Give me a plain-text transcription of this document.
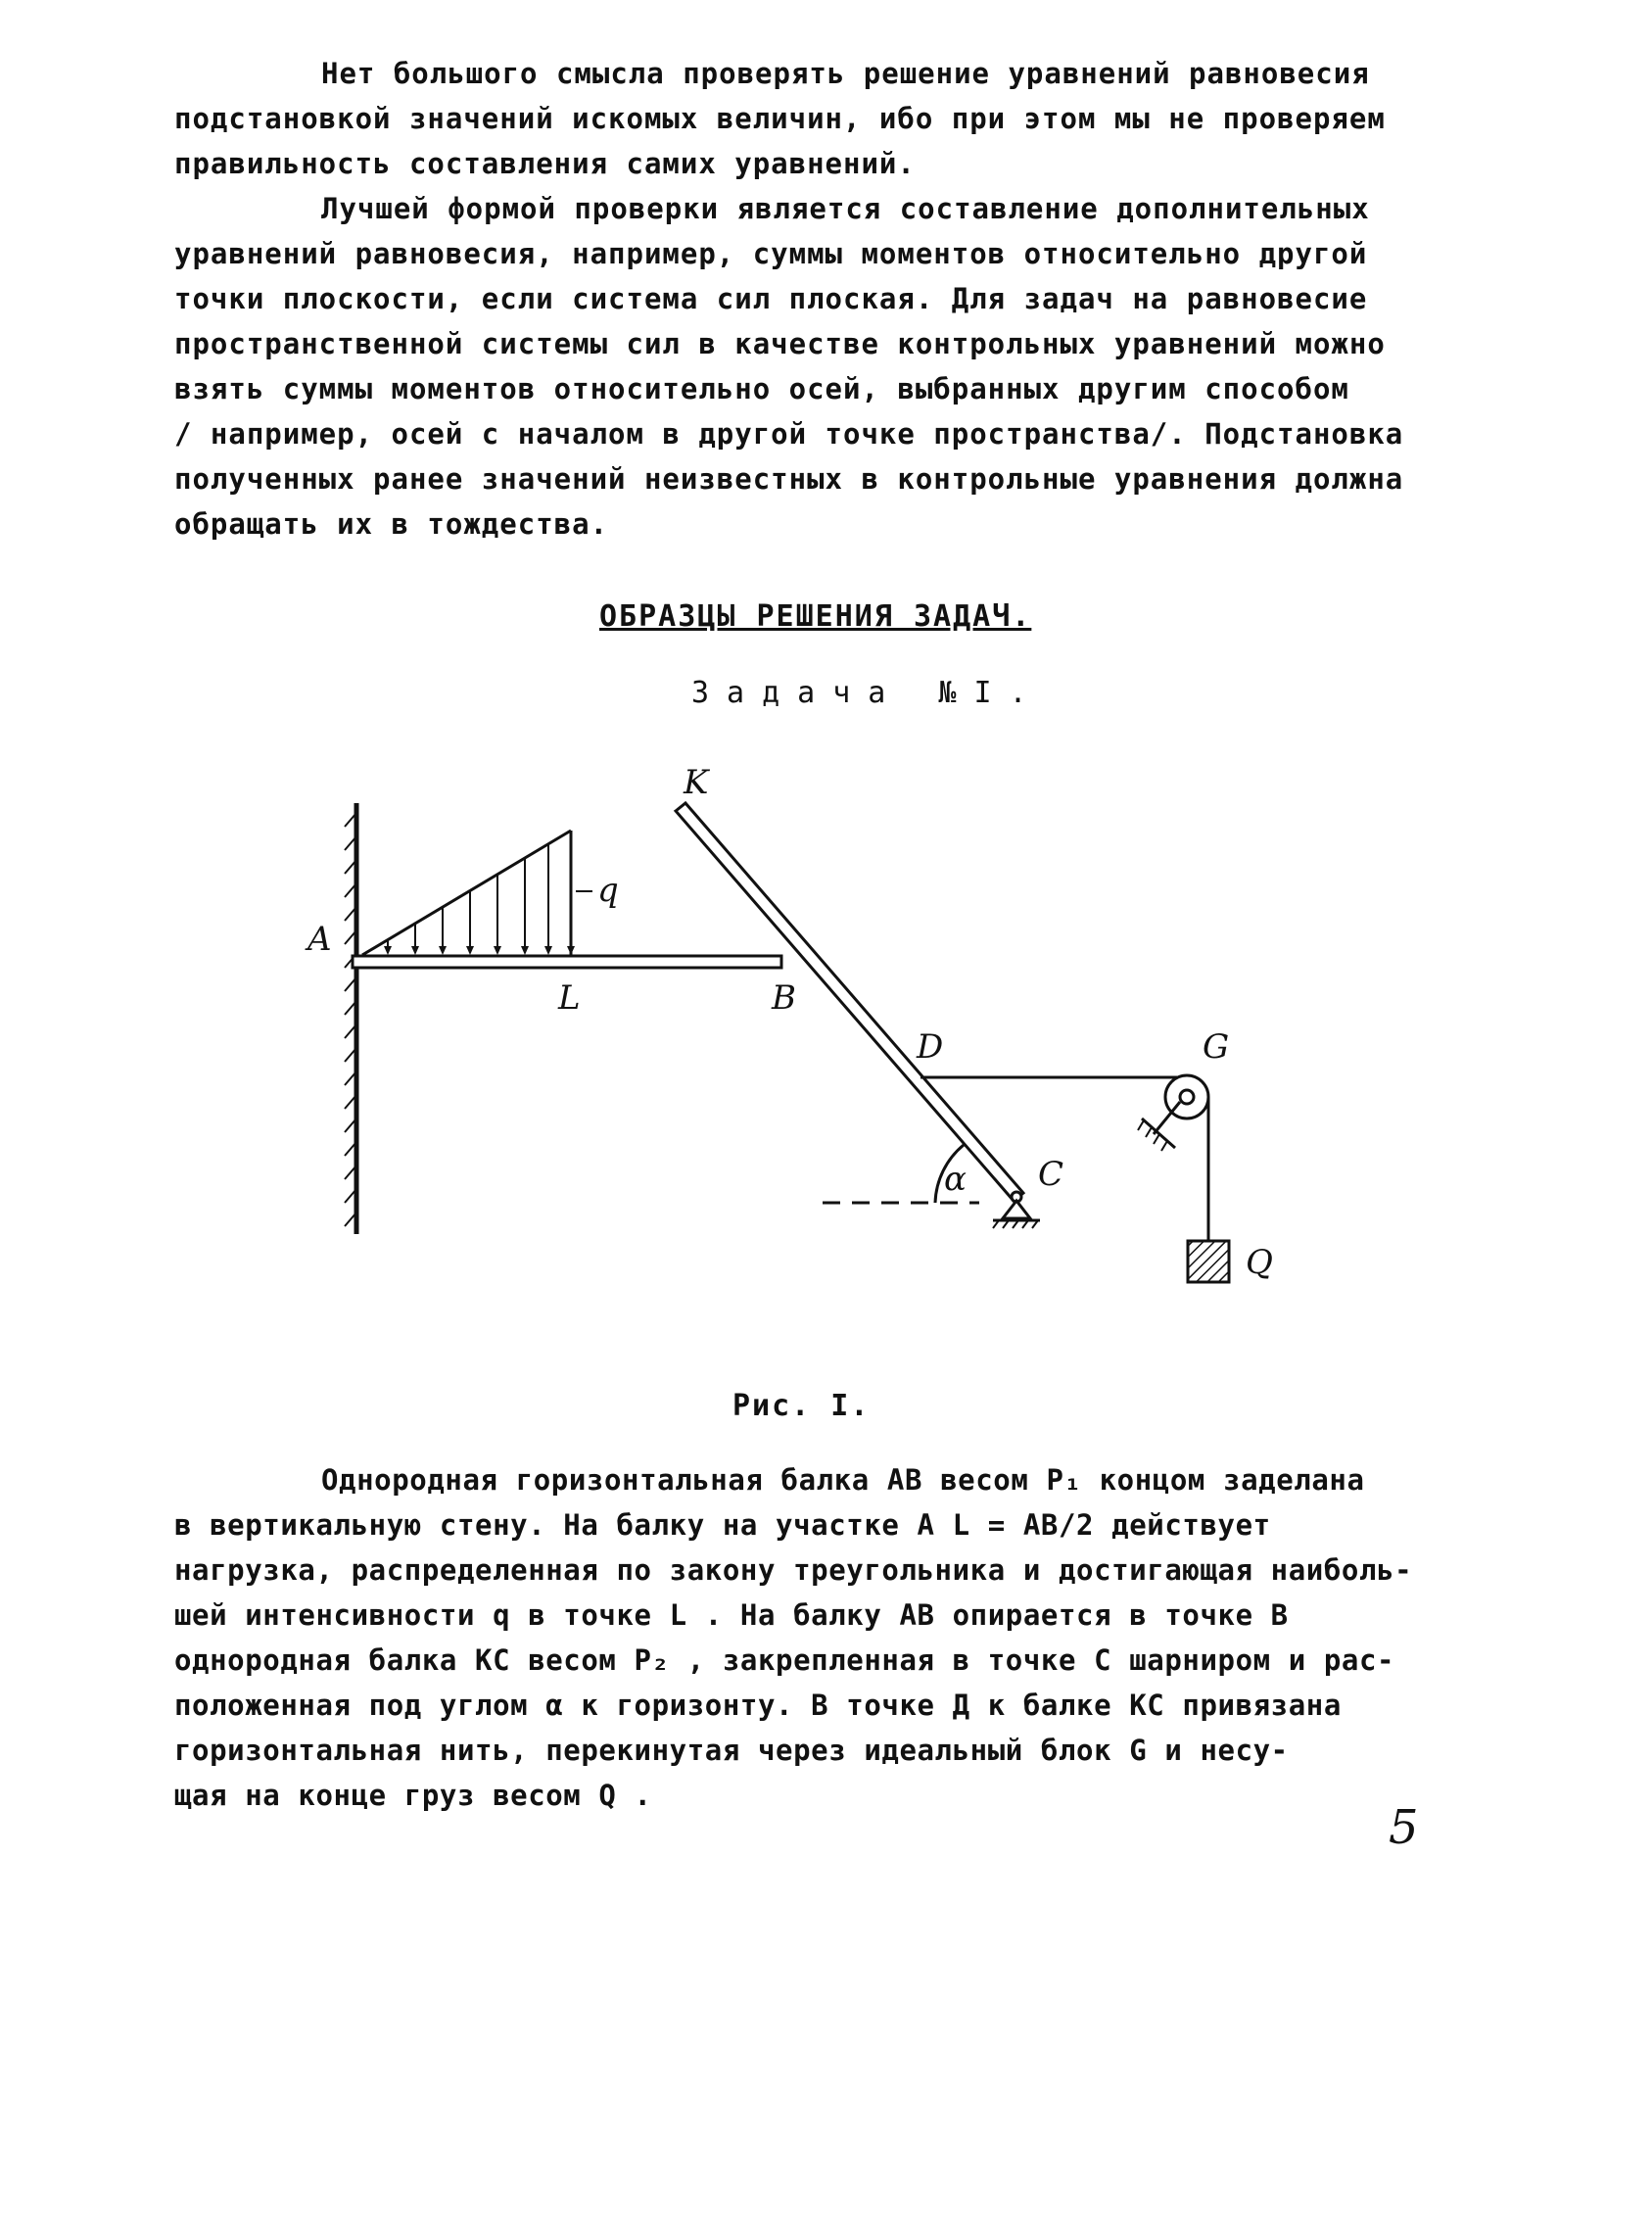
Нет большого смысла проверять решение уравнений равновесия
подстановкой значений искомых величин, ибо при этом мы не проверяем
правильность составления самих уравнений.
Лучшей формой проверки является составление дополнительных
уравнений равновесия, например, суммы моментов относительно другой
точки плоскости, если система сил плоская. Для задач на равновесие
пространственной системы сил в качестве контрольных уравнений можно
взять суммы моментов относительно осей, выбранных другим способом
/ например, осей с началом в другой точке пространства/. Подстановка
полученных ранее значений неизвестных в контрольные уравнения должна
обращать их в тождества.
ОБРАЗЦЫ РЕШЕНИЯ ЗАДАЧ.
Задача №I.
A
K
q
L	B
D	G
α C
Q
Рис. I.
Однородная горизонтальная балка АВ весом P₁ концом заделана
в вертикальную стену. На балку на участке A L = АВ/2 действует
нагрузка, распределенная по закону треугольника и достигающая наиболь-
шей интенсивности q в точке L . На балку АВ опирается в точке В
однородная балка КС весом P₂ , закрепленная в точке С шарниром и рас-
положенная под углом α к горизонту. В точке Д к балке КС привязана
горизонтальная нить, перекинутая через идеальный блок G и несу-
щая на конце груз весом Q .
5
